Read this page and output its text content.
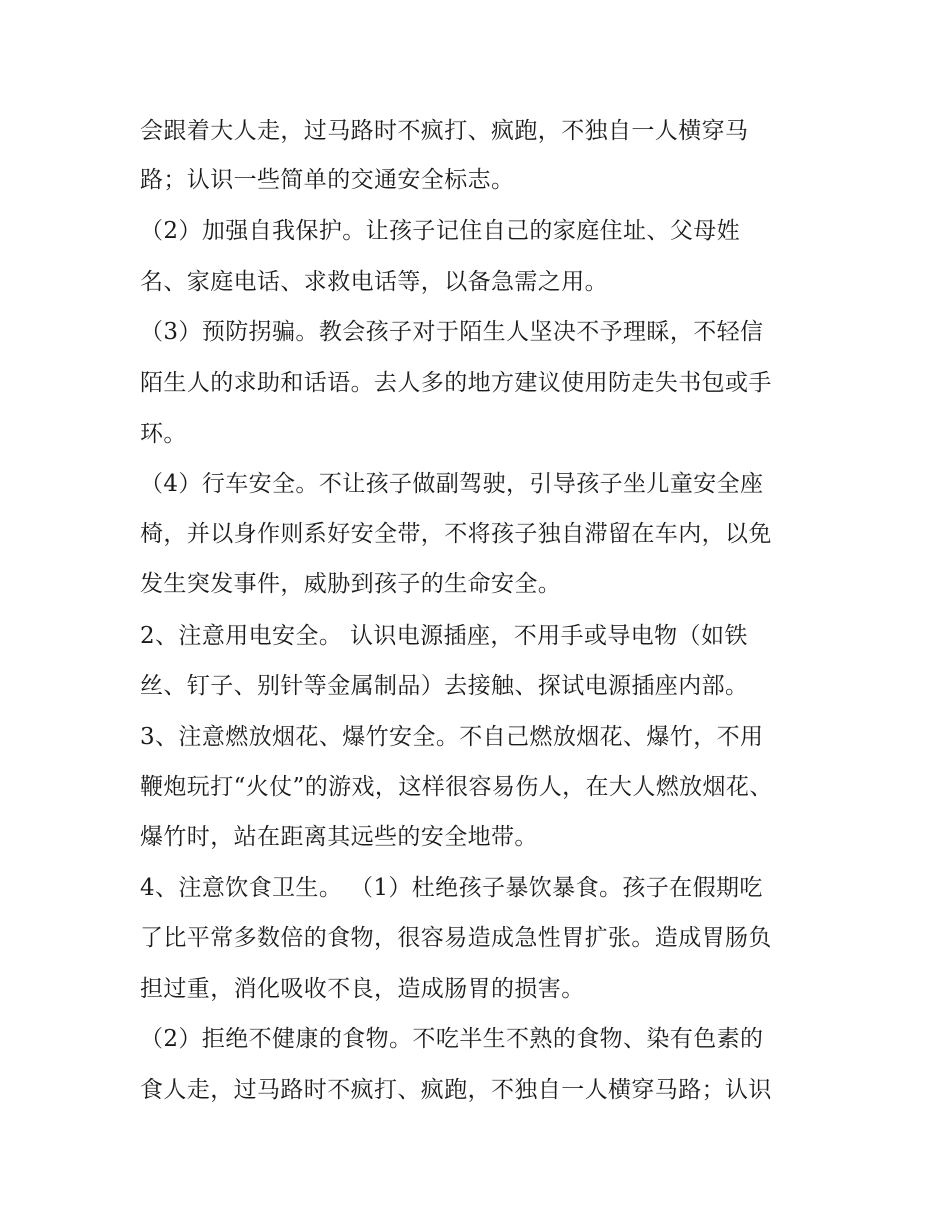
会跟着大人走，过马路时不疯打、疯跑，不独自一人横穿马
路；认识一些简单的交通安全标志。
（2）加强自我保护。让孩子记住自己的家庭住址、父母姓
名、家庭电话、求救电话等，以备急需之用。
（3）预防拐骗。教会孩子对于陌生人坚决不予理睬，不轻信
陌生人的求助和话语。去人多的地方建议使用防走失书包或手
环。
（4）行车安全。不让孩子做副驾驶，引导孩子坐儿童安全座
椅，并以身作则系好安全带，不将孩子独自滞留在车内，以免
发生突发事件，威胁到孩子的生命安全。
2、注意用电安全。 认识电源插座，不用手或导电物（如铁
丝、钉子、别针等金属制品）去接触、探试电源插座内部。
3、注意燃放烟花、爆竹安全。不自己燃放烟花、爆竹，不用
鞭炮玩打“火仗”的游戏，这样很容易伤人，在大人燃放烟花、
爆竹时，站在距离其远些的安全地带。
4、注意饮食卫生。 （1）杜绝孩子暴饮暴食。孩子在假期吃
了比平常多数倍的食物，很容易造成急性胃扩张。造成胃肠负
担过重，消化吸收不良，造成肠胃的损害。
（2）拒绝不健康的食物。不吃半生不熟的食物、染有色素的
食人走，过马路时不疯打、疯跑，不独自一人横穿马路；认识
